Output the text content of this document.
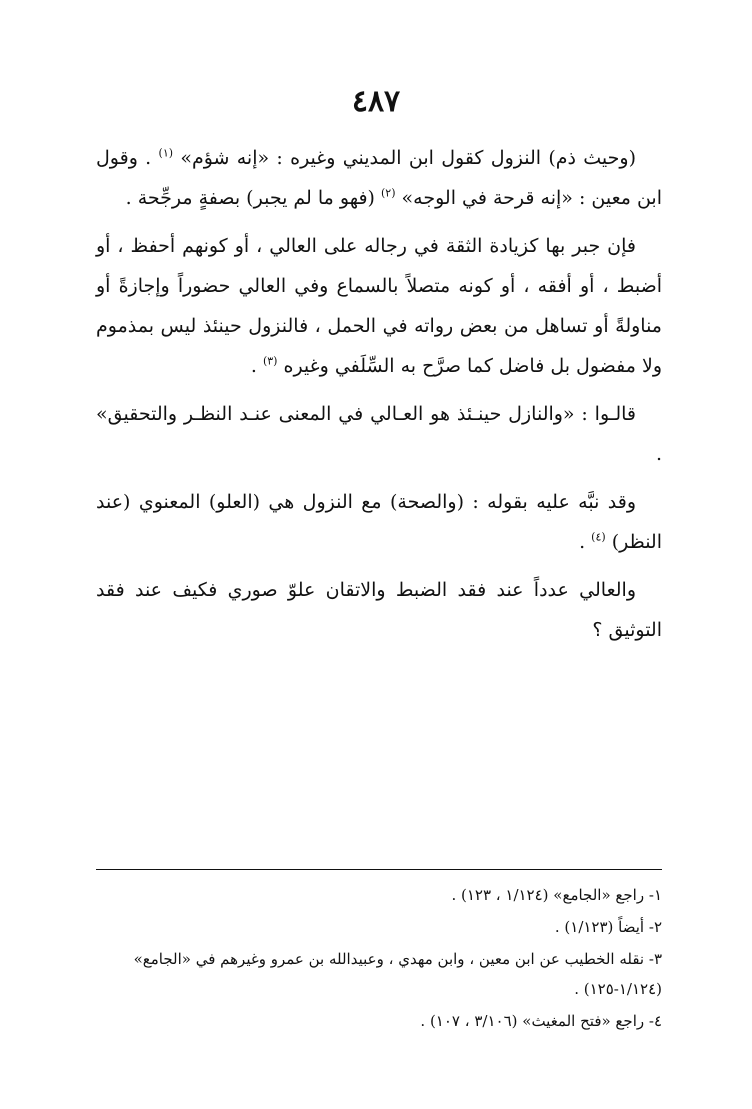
٤٨٧

(وحيث ذم) النزول كقول ابن المديني وغيره : «إنه شؤم» $^{(١)}$ . وقول ابن معين : «إنه قرحة في الوجه» $^{(٢)}$ (فهو ما لم يجبر) بصفةٍ مرجِّحة .

فإن جبر بها كزيادة الثقة في رجاله على العالي ، أو كونهم أحفظ ، أو أضبط ، أو أفقه ، أو كونه متصلاً بالسماع وفي العالي حضوراً وإجازةً أو مناولةً أو تساهل من بعض رواته في الحمل ، فالنزول حينئذ ليس بمذموم ولا مفضول بل فاضل كما صرَّح به السِّلَفي وغيره $^{(٣)}$ .

قالـوا : «والنازل حينـئذ هو العـالي في المعنى عنـد النظـر والتحقيق» .

وقد نبَّه عليه بقوله : (والصحة) مع النزول هي (العلو) المعنوي (عند النظر) $^{(٤)}$ .

والعالي عدداً عند فقد الضبط والاتقان علوّ صوري فكيف عند فقد التوثيق ؟

١- راجع «الجامع» (١/١٢٤ ، ١٢٣) .

٢- أيضاً (١/١٢٣) .

٣- نقله الخطيب عن ابن معين ، وابن مهدي ، وعبيدالله بن عمرو وغيرهم في «الجامع» (١/١٢٤-١٢٥) .

٤- راجع «فتح المغيث» (٣/١٠٦ ، ١٠٧) .
